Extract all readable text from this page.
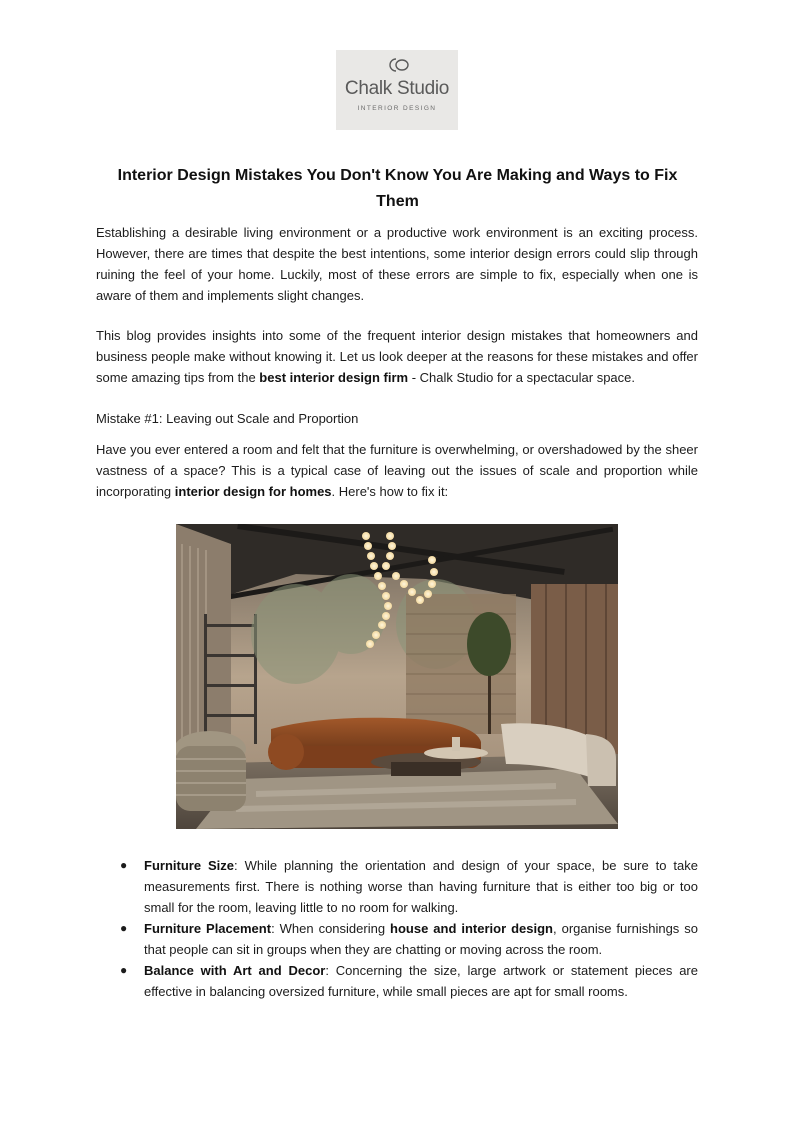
Chalk Studio
INTERIOR DESIGN
Interior Design Mistakes You Don't Know You Are Making and Ways to Fix Them

Establishing a desirable living environment or a productive work environment is an exciting process. However, there are times that despite the best intentions, some interior design errors could slip through ruining the feel of your home. Luckily, most of these errors are simple to fix, especially when one is aware of them and implements slight changes.

This blog provides insights into some of the frequent interior design mistakes that homeowners and business people make without knowing it. Let us look deeper at the reasons for these mistakes and offer some amazing tips from the best interior design firm - Chalk Studio for a spectacular space.

Mistake #1: Leaving out Scale and Proportion

Have you ever entered a room and felt that the furniture is overwhelming, or overshadowed by the sheer vastness of a space? This is a typical case of leaving out the issues of scale and proportion while incorporating interior design for homes. Here's how to fix it:

● Furniture Size: While planning the orientation and design of your space, be sure to take measurements first. There is nothing worse than having furniture that is either too big or too small for the room, leaving little to no room for walking.
● Furniture Placement: When considering house and interior design, organise furnishings so that people can sit in groups when they are chatting or moving across the room.
● Balance with Art and Decor: Concerning the size, large artwork or statement pieces are effective in balancing oversized furniture, while small pieces are apt for small rooms.
